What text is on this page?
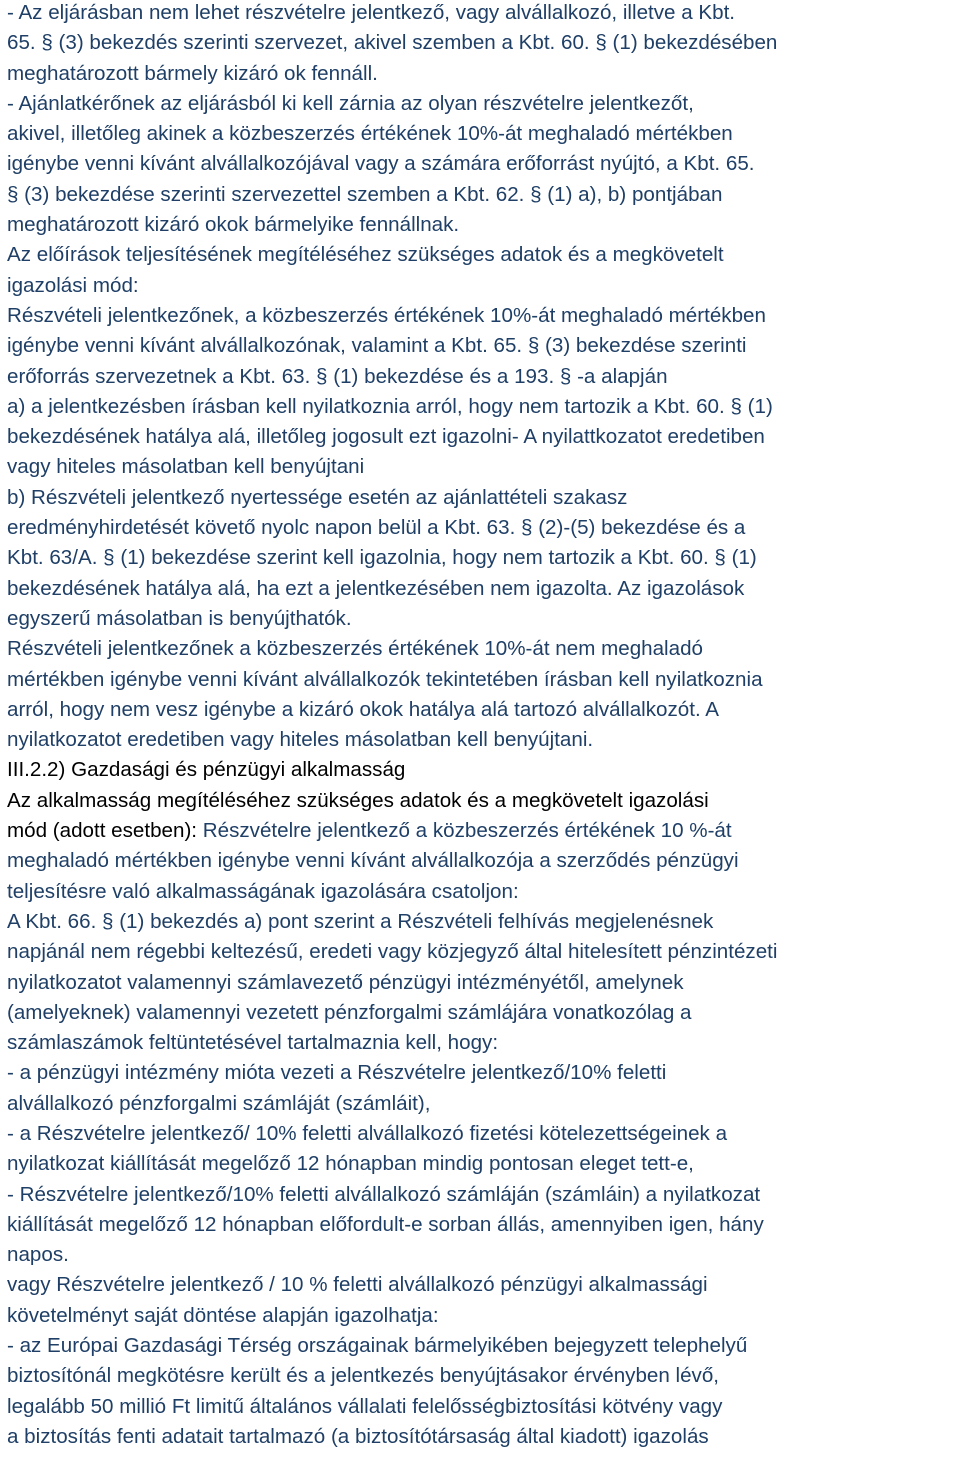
- Az eljárásban nem lehet részvételre jelentkező, vagy alvállalkozó, illetve a Kbt.
65. § (3) bekezdés szerinti szervezet, akivel szemben a Kbt. 60. § (1) bekezdésében
meghatározott bármely kizáró ok fennáll.
- Ajánlatkérőnek az eljárásból ki kell zárnia az olyan részvételre jelentkezőt,
akivel, illetőleg akinek a közbeszerzés értékének 10%-át meghaladó mértékben
igénybe venni kívánt alvállalkozójával vagy a számára erőforrást nyújtó, a Kbt. 65.
§ (3) bekezdése szerinti szervezettel szemben a Kbt. 62. § (1) a), b) pontjában
meghatározott kizáró okok bármelyike fennállnak.
Az előírások teljesítésének megítéléséhez szükséges adatok és a megkövetelt
igazolási mód:
Részvételi jelentkezőnek, a közbeszerzés értékének 10%-át meghaladó mértékben
igénybe venni kívánt alvállalkozónak, valamint a Kbt. 65. § (3) bekezdése szerinti
erőforrás szervezetnek a Kbt. 63. § (1) bekezdése és a 193. § -a alapján
a) a jelentkezésben írásban kell nyilatkoznia arról, hogy nem tartozik a Kbt. 60. § (1)
bekezdésének hatálya alá, illetőleg jogosult ezt igazolni- A nyilattkozatot eredetiben
vagy hiteles másolatban kell benyújtani
b) Részvételi jelentkező nyertessége esetén az ajánlattételi szakasz
eredményhirdetését követő nyolc napon belül a Kbt. 63. § (2)-(5) bekezdése és a
Kbt. 63/A. § (1) bekezdése szerint kell igazolnia, hogy nem tartozik a Kbt. 60. § (1)
bekezdésének hatálya alá, ha ezt a jelentkezésében nem igazolta. Az igazolások
egyszerű másolatban is benyújthatók.
Részvételi jelentkezőnek a közbeszerzés értékének 10%-át nem meghaladó
mértékben igénybe venni kívánt alvállalkozók tekintetében írásban kell nyilatkoznia
arról, hogy nem vesz igénybe a kizáró okok hatálya alá tartozó alvállalkozót. A
nyilatkozatot eredetiben vagy hiteles másolatban kell benyújtani.
III.2.2) Gazdasági és pénzügyi alkalmasság
Az alkalmasság megítéléséhez szükséges adatok és a megkövetelt igazolási
mód (adott esetben): Részvételre jelentkező a közbeszerzés értékének 10 %-át
meghaladó mértékben igénybe venni kívánt alvállalkozója a szerződés pénzügyi
teljesítésre való alkalmasságának igazolására csatoljon:
A Kbt. 66. § (1) bekezdés a) pont szerint a Részvételi felhívás megjelenésnek
napjánál nem régebbi keltezésű, eredeti vagy közjegyző által hitelesített pénzintézeti
nyilatkozatot valamennyi számlavezető pénzügyi intézményétől, amelynek
(amelyeknek) valamennyi vezetett pénzforgalmi számlájára vonatkozólag a
számlaszámok feltüntetésével tartalmaznia kell, hogy:
- a pénzügyi intézmény mióta vezeti a Részvételre jelentkező/10% feletti
alvállalkozó pénzforgalmi számláját (számláit),
- a Részvételre jelentkező/ 10% feletti alvállalkozó fizetési kötelezettségeinek a
nyilatkozat kiállítását megelőző 12 hónapban mindig pontosan eleget tett-e,
- Részvételre jelentkező/10% feletti alvállalkozó számláján (számláin) a nyilatkozat
kiállítását megelőző 12 hónapban előfordult-e sorban állás, amennyiben igen, hány
napos.
vagy Részvételre jelentkező / 10 % feletti alvállalkozó pénzügyi alkalmassági
követelményt saját döntése alapján igazolhatja:
- az Európai Gazdasági Térség országainak bármelyikében bejegyzett telephelyű
biztosítónál megkötésre került és a jelentkezés benyújtásakor érvényben lévő,
legalább 50 millió Ft limitű általános vállalati felelősségbiztosítási kötvény vagy
a biztosítás fenti adatait tartalmazó (a biztosítótársaság által kiadott) igazolás
